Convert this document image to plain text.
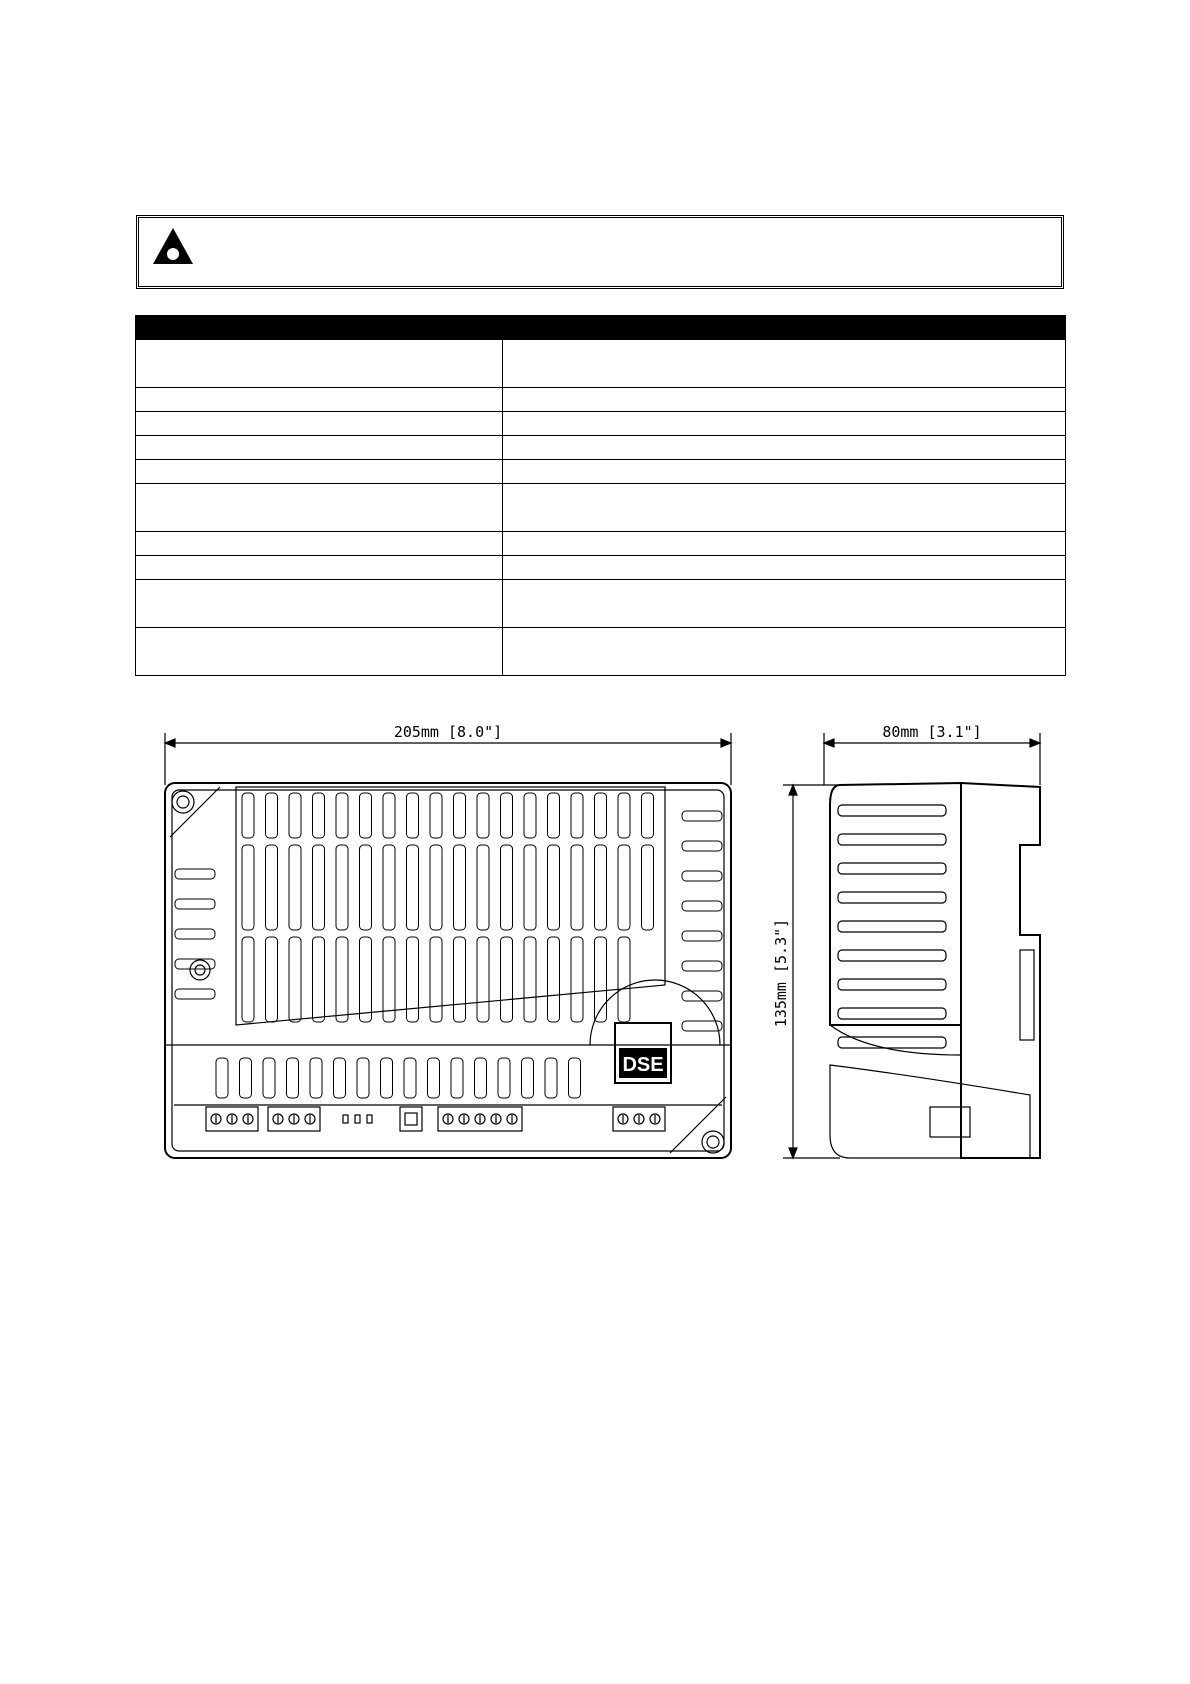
DSE
205mm [8.0"]	80mm [3.1"]
135mm [5.3"]
